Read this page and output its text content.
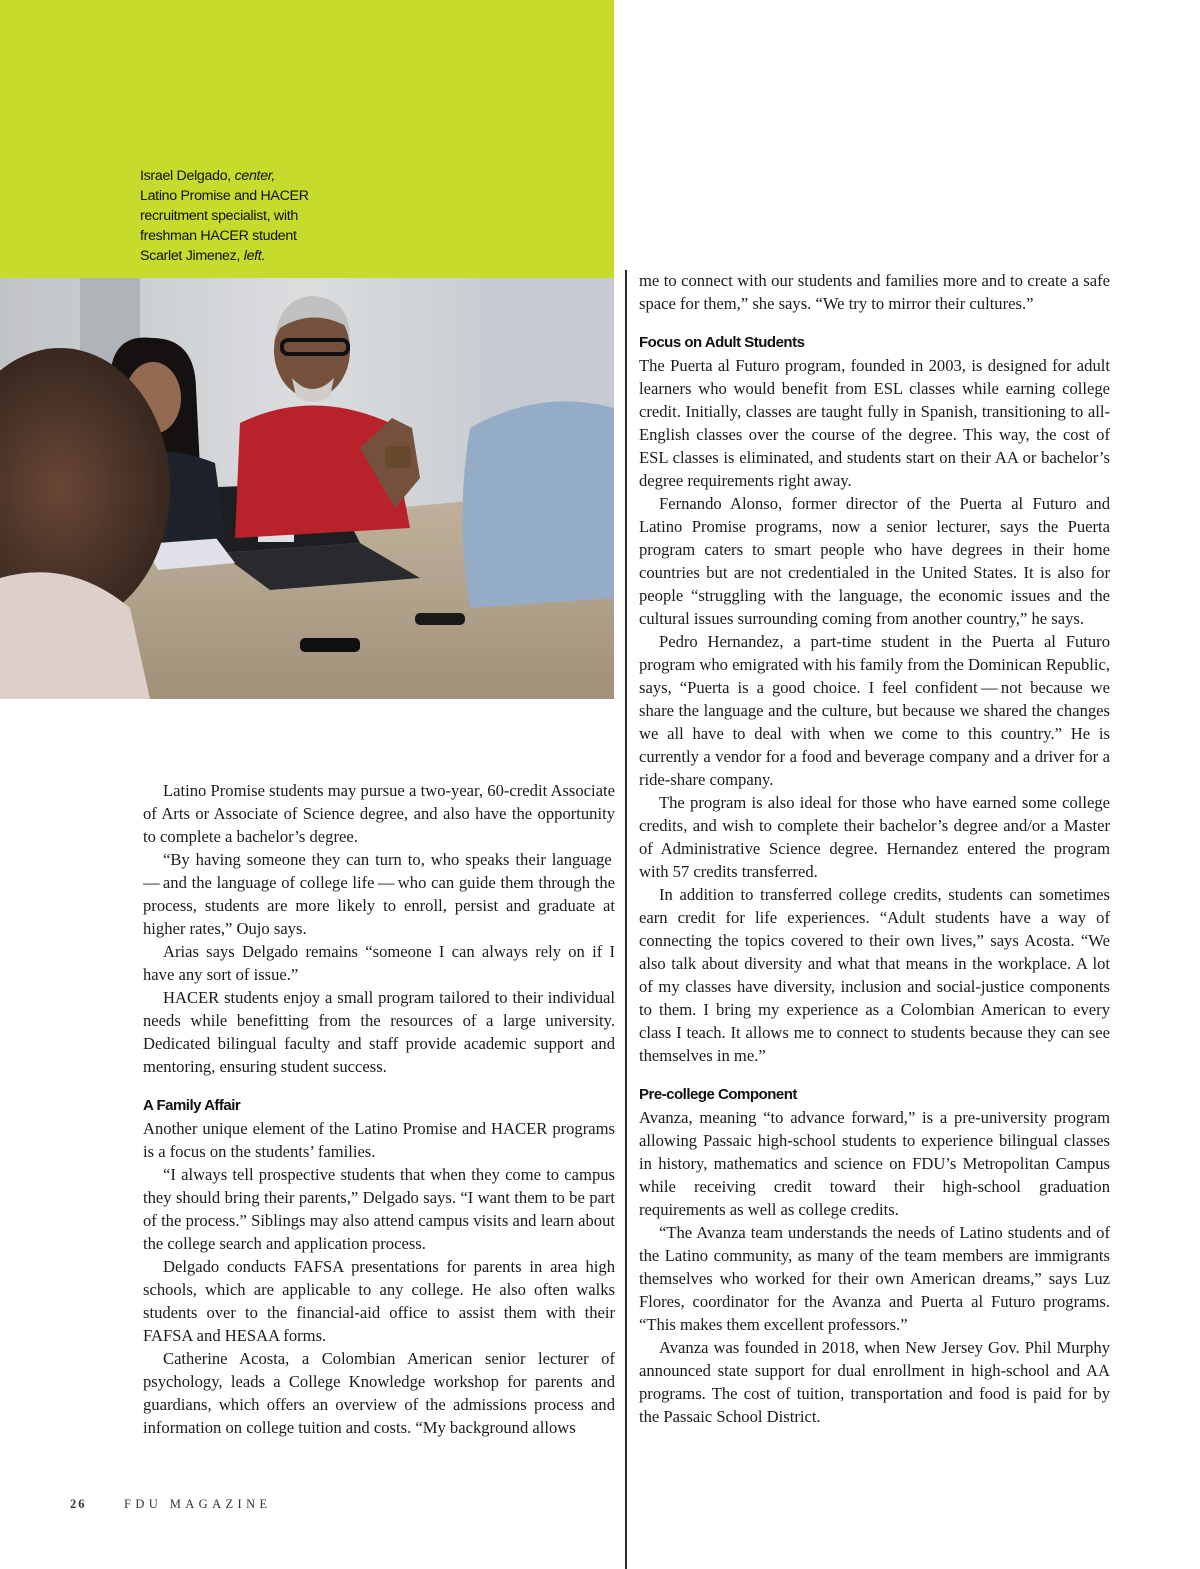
Israel Delgado, center,
Latino Promise and HACER
recruitment specialist, with
freshman HACER student
Scarlet Jimenez, left.

Latino Promise students may pursue a two-year, 60-credit Associate of Arts or Associate of Science degree, and also have the opportunity to complete a bachelor’s degree.

“By having someone they can turn to, who speaks their language — and the language of college life — who can guide them through the process, students are more likely to enroll, persist and graduate at higher rates,” Oujo says.

Arias says Delgado remains “someone I can always rely on if I have any sort of issue.”

HACER students enjoy a small program tailored to their individual needs while benefitting from the resources of a large university. Dedicated bilingual faculty and staff provide academic support and mentoring, ensuring student success.

A Family Affair

Another unique element of the Latino Promise and HACER programs is a focus on the students’ families.

“I always tell prospective students that when they come to campus they should bring their parents,” Delgado says. “I want them to be part of the process.” Siblings may also attend campus visits and learn about the college search and application process.

Delgado conducts FAFSA presentations for parents in area high schools, which are applicable to any college. He also often walks students over to the financial-aid office to assist them with their FAFSA and HESAA forms.

Catherine Acosta, a Colombian American senior lecturer of psychology, leads a College Knowledge workshop for parents and guardians, which offers an overview of the admissions process and information on college tuition and costs. “My background allows

me to connect with our students and families more and to create a safe space for them,” she says. “We try to mirror their cultures.”

Focus on Adult Students

The Puerta al Futuro program, founded in 2003, is designed for adult learners who would benefit from ESL classes while earning college credit. Initially, classes are taught fully in Spanish, transitioning to all-English classes over the course of the degree. This way, the cost of ESL classes is eliminated, and students start on their AA or bachelor’s degree requirements right away.

Fernando Alonso, former director of the Puerta al Futuro and Latino Promise programs, now a senior lecturer, says the Puerta program caters to smart people who have degrees in their home countries but are not credentialed in the United States. It is also for people “struggling with the language, the economic issues and the cultural issues surrounding coming from another country,” he says.

Pedro Hernandez, a part-time student in the Puerta al Futuro program who emigrated with his family from the Dominican Republic, says, “Puerta is a good choice. I feel confident — not because we share the language and the culture, but because we shared the changes we all have to deal with when we come to this country.” He is currently a vendor for a food and beverage company and a driver for a ride-share company.

The program is also ideal for those who have earned some college credits, and wish to complete their bachelor’s degree and/or a Master of Administrative Science degree. Hernandez entered the program with 57 credits transferred.

In addition to transferred college credits, students can sometimes earn credit for life experiences. “Adult students have a way of connecting the topics covered to their own lives,” says Acosta. “We also talk about diversity and what that means in the workplace. A lot of my classes have diversity, inclusion and social-justice components to them. I bring my experience as a Colombian American to every class I teach. It allows me to connect to students because they can see themselves in me.”

Pre-college Component

Avanza, meaning “to advance forward,” is a pre-university program allowing Passaic high-school students to experience bilingual classes in history, mathematics and science on FDU’s Metropolitan Campus while receiving credit toward their high-school graduation requirements as well as college credits.

“The Avanza team understands the needs of Latino students and of the Latino community, as many of the team members are immigrants themselves who worked for their own American dreams,” says Luz Flores, coordinator for the Avanza and Puerta al Futuro programs. “This makes them excellent professors.”

Avanza was founded in 2018, when New Jersey Gov. Phil Murphy announced state support for dual enrollment in high-school and AA programs. The cost of tuition, transportation and food is paid for by the Passaic School District.

26	FDU MAGAZINE
